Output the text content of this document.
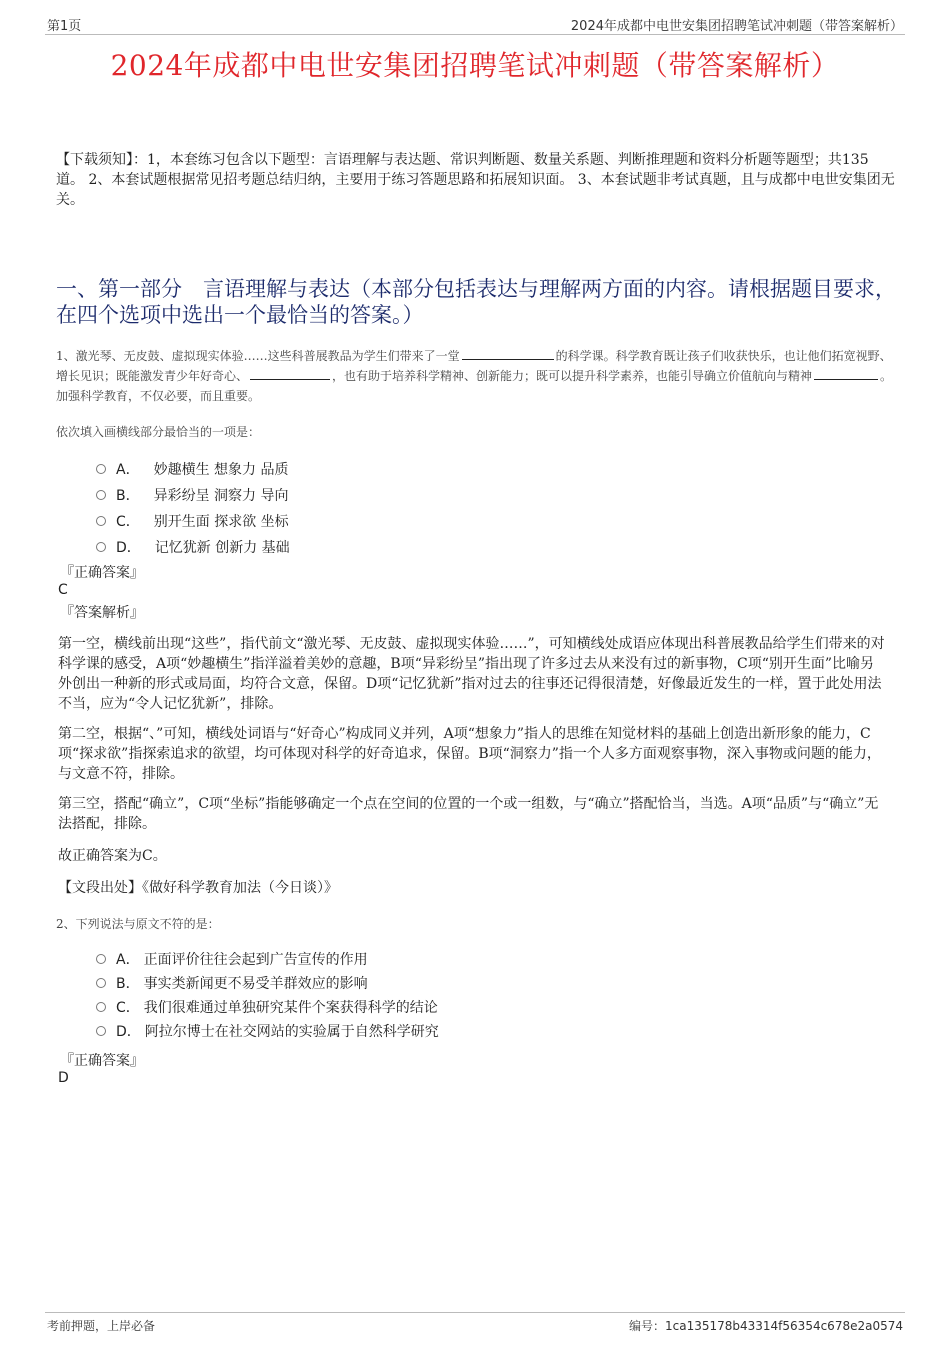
第1页	2024年成都中电世安集团招聘笔试冲刺题（带答案解析）
2024年成都中电世安集团招聘笔试冲刺题（带答案解析）
【下载须知】：1，本套练习包含以下题型：言语理解与表达题、常识判断题、数量关系题、判断推理题和资料分析题等题型；共135道。 2、本套试题根据常见招考题总结归纳，主要用于练习答题思路和拓展知识面。 3、本套试题非考试真题，且与成都中电世安集团无关。
一、第一部分　言语理解与表达（本部分包括表达与理解两方面的内容。请根据题目要求，在四个选项中选出一个最恰当的答案。）
1、激光琴、无皮鼓、虚拟现实体验……这些科普展教品为学生们带来了一堂	的科学课。科学教育既让孩子们收获快乐，也让他们拓宽视野、增长见识；既能激发青少年好奇心、	，也有助于培养科学精神、创新能力；既可以提升科学素养，也能引导确立价值航向与精神	。加强科学教育，不仅必要，而且重要。
依次填入画横线部分最恰当的一项是：
A． 妙趣横生 想象力 品质
B． 异彩纷呈 洞察力 导向
C． 别开生面 探求欲 坐标
D． 记忆犹新 创新力 基础
『正确答案』
C
『答案解析』
第一空，横线前出现“这些”，指代前文“激光琴、无皮鼓、虚拟现实体验……”，可知横线处成语应体现出科普展教品给学生们带来的对科学课的感受，A项“妙趣横生”指洋溢着美妙的意趣，B项“异彩纷呈”指出现了许多过去从来没有过的新事物，C项“别开生面”比喻另外创出一种新的形式或局面，均符合文意，保留。D项“记忆犹新”指对过去的往事还记得很清楚，好像最近发生的一样，置于此处用法不当，应为“令人记忆犹新”，排除。
第二空，根据“、”可知，横线处词语与“好奇心”构成同义并列，A项“想象力”指人的思维在知觉材料的基础上创造出新形象的能力，C项“探求欲”指探索追求的欲望，均可体现对科学的好奇追求，保留。B项“洞察力”指一个人多方面观察事物，深入事物或问题的能力，与文意不符，排除。
第三空，搭配“确立”，C项“坐标”指能够确定一个点在空间的位置的一个或一组数，与“确立”搭配恰当，当选。A项“品质”与“确立”无法搭配，排除。
故正确答案为C。
【文段出处】《做好科学教育加法（今日谈）》
2、下列说法与原文不符的是：
A． 正面评价往往会起到广告宣传的作用
B． 事实类新闻更不易受羊群效应的影响
C． 我们很难通过单独研究某件个案获得科学的结论
D． 阿拉尔博士在社交网站的实验属于自然科学研究
『正确答案』
D
考前押题，上岸必备	编号：1ca135178b43314f56354c678e2a0574
